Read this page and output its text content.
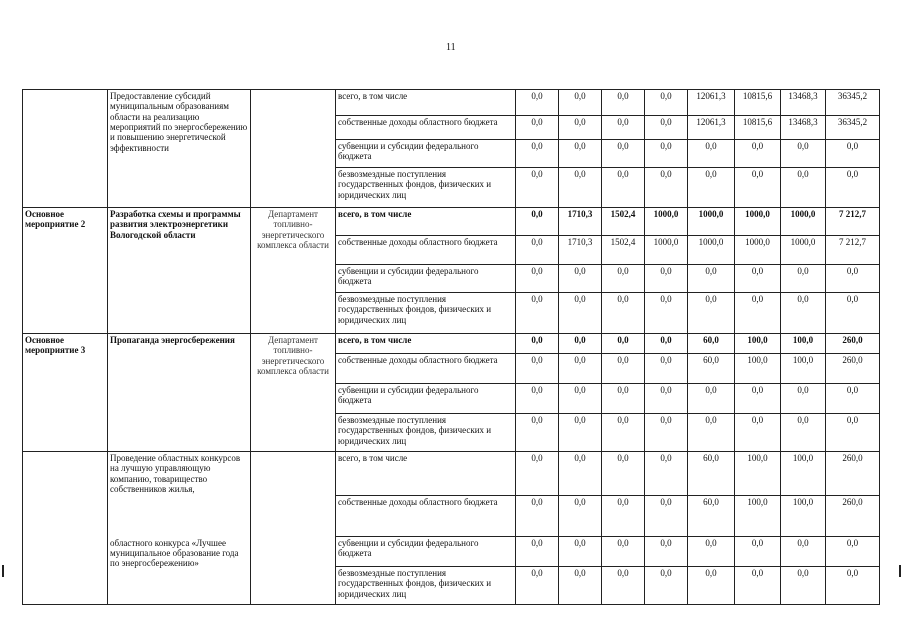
11
	Предоставление субсидий муниципальным образованиям области на реализацию мероприятий по энергосбережению и повышению энергетической эффективности		всего, в том числе	0,0	0,0	0,0	0,0	12061,3	10815,6	13468,3	36345,2
			собственные доходы областного бюджета	0,0	0,0	0,0	0,0	12061,3	10815,6	13468,3	36345,2
			субвенции и субсидии федерального бюджета	0,0	0,0	0,0	0,0	0,0	0,0	0,0	0,0
			безвозмездные поступления государственных фондов, физических и юридических лиц	0,0	0,0	0,0	0,0	0,0	0,0	0,0	0,0
Основное мероприятие 2	Разработка схемы и программы развития электроэнергетики Вологодской области	Департамент топливно-энергетического комплекса области	всего, в том числе	0,0	1710,3	1502,4	1000,0	1000,0	1000,0	1000,0	7 212,7
			собственные доходы областного бюджета	0,0	1710,3	1502,4	1000,0	1000,0	1000,0	1000,0	7 212,7
			субвенции и субсидии федерального бюджета	0,0	0,0	0,0	0,0	0,0	0,0	0,0	0,0
			безвозмездные поступления государственных фондов, физических и юридических лиц	0,0	0,0	0,0	0,0	0,0	0,0	0,0	0,0
Основное мероприятие 3	Пропаганда энергосбережения	Департамент топливно-энергетического комплекса области	всего, в том числе	0,0	0,0	0,0	0,0	60,0	100,0	100,0	260,0
			собственные доходы областного бюджета	0,0	0,0	0,0	0,0	60,0	100,0	100,0	260,0
			субвенции и субсидии федерального бюджета	0,0	0,0	0,0	0,0	0,0	0,0	0,0	0,0
			безвозмездные поступления государственных фондов, физических и юридических лиц	0,0	0,0	0,0	0,0	0,0	0,0	0,0	0,0
	Проведение областных конкурсов на лучшую управляющую компанию, товарищество собственников жилья,		всего, в том числе	0,0	0,0	0,0	0,0	60,0	100,0	100,0	260,0
			собственные доходы областного бюджета	0,0	0,0	0,0	0,0	60,0	100,0	100,0	260,0
	областного конкурса «Лучшее муниципальное образование года по энергосбережению»		субвенции и субсидии федерального бюджета	0,0	0,0	0,0	0,0	0,0	0,0	0,0	0,0
			безвозмездные поступления государственных фондов, физических и юридических лиц	0,0	0,0	0,0	0,0	0,0	0,0	0,0	0,0
